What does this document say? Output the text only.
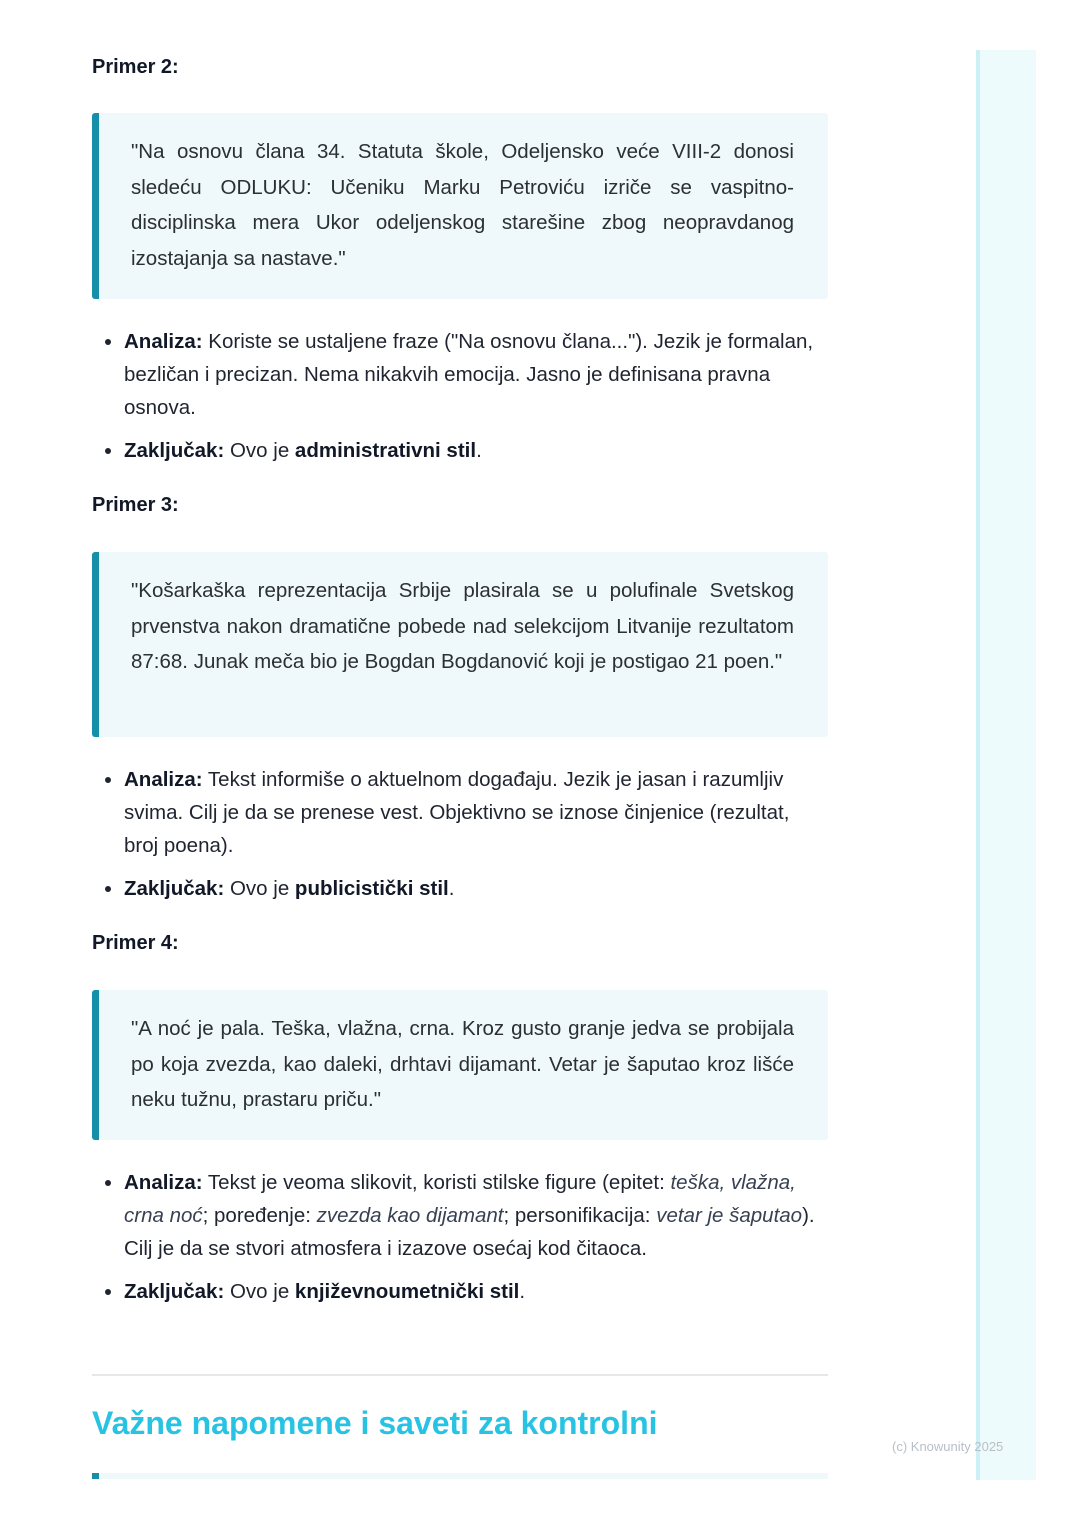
(c) Knowunity 2025
Primer 2:

"Na osnovu člana 34. Statuta škole, Odeljensko veće VIII-2 donosi sledeću ODLUKU: Učeniku Marku Petroviću izriče se vaspitno-disciplinska mera Ukor odeljenskog starešine zbog neopravdanog izostajanja sa nastave."

• Analiza: Koriste se ustaljene fraze ("Na osnovu člana..."). Jezik je formalan, bezličan i precizan. Nema nikakvih emocija. Jasno je definisana pravna osnova.
• Zaključak: Ovo je administrativni stil.
Primer 3:

"Košarkaška reprezentacija Srbije plasirala se u polufinale Svetskog prvenstva nakon dramatične pobede nad selekcijom Litvanije rezultatom 87:68. Junak meča bio je Bogdan Bogdanović koji je postigao 21 poen."

• Analiza: Tekst informiše o aktuelnom događaju. Jezik je jasan i razumljiv svima. Cilj je da se prenese vest. Objektivno se iznose činjenice (rezultat, broj poena).
• Zaključak: Ovo je publicistički stil.
Primer 4:

"A noć je pala. Teška, vlažna, crna. Kroz gusto granje jedva se probijala po koja zvezda, kao daleki, drhtavi dijamant. Vetar je šaputao kroz lišće neku tužnu, prastaru priču."

• Analiza: Tekst je veoma slikovit, koristi stilske figure (epitet: teška, vlažna, crna noć; poređenje: zvezda kao dijamant; personifikacija: vetar je šaputao). Cilj je da se stvori atmosfera i izazove osećaj kod čitaoca.
• Zaključak: Ovo je književnoumetnički stil.
Važne napomene i saveti za kontrolni
